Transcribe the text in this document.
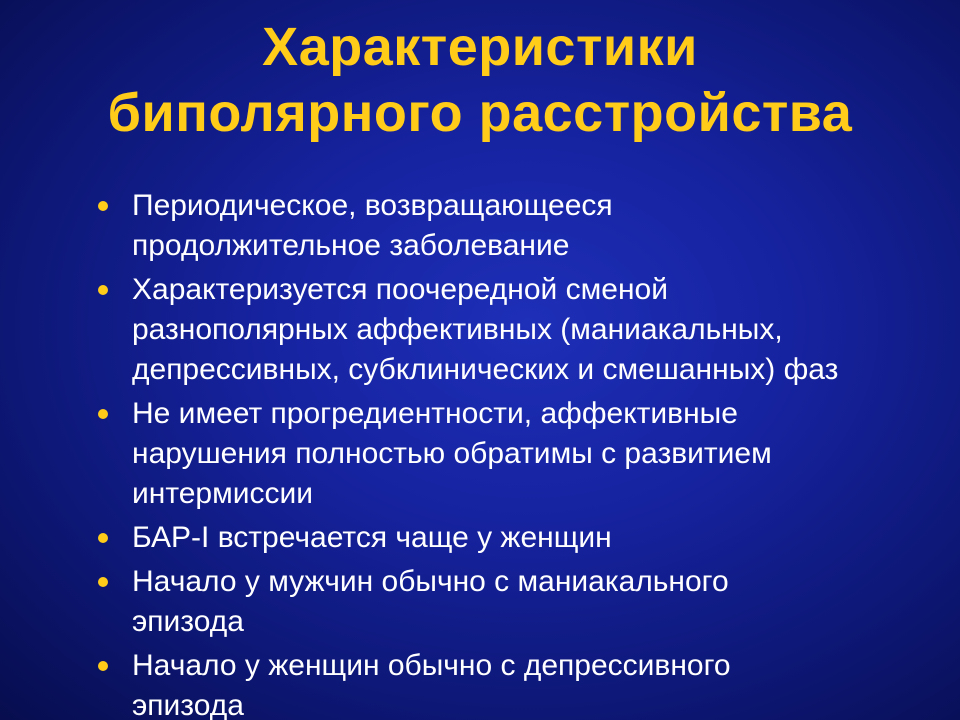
Характеристики
биполярного расстройства
Периодическое, возвращающееся
продолжительное заболевание
Характеризуется поочередной сменой
разнополярных аффективных (маниакальных,
депрессивных, субклинических и смешанных) фаз
Не имеет прогредиентности, аффективные
нарушения полностью обратимы с развитием
интермиссии
БАР-I встречается чаще у женщин
Начало у мужчин обычно с маниакального
эпизода
Начало у женщин обычно с депрессивного
эпизода
